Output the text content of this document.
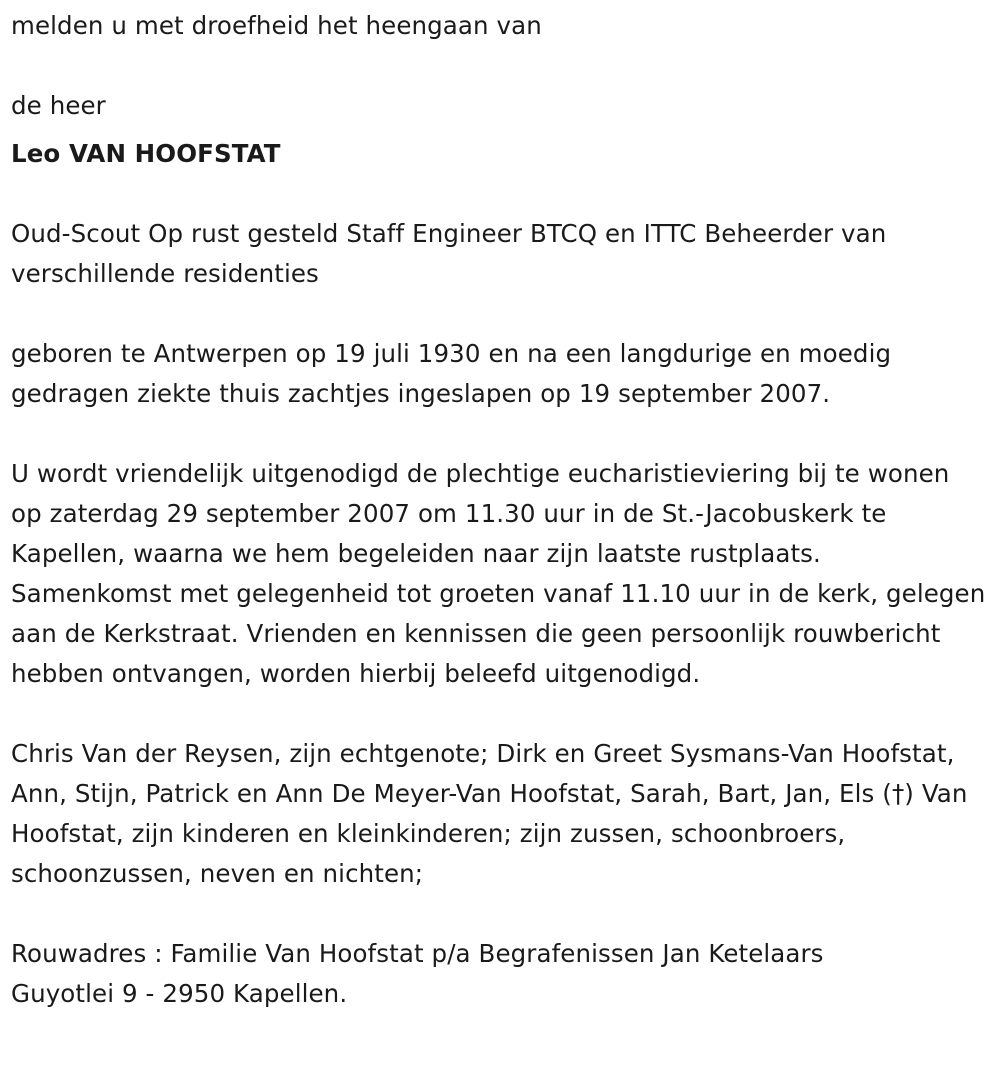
melden u met droefheid het heengaan van

de heer

Leo VAN HOOFSTAT

Oud-Scout Op rust gesteld Staff Engineer BTCQ en ITTC Beheerder van verschillende residenties

geboren te Antwerpen op 19 juli 1930 en na een langdurige en moedig gedragen ziekte thuis zachtjes ingeslapen op 19 september 2007.

U wordt vriendelijk uitgenodigd de plechtige eucharistieviering bij te wonen op zaterdag 29 september 2007 om 11.30 uur in de St.-Jacobuskerk te Kapellen, waarna we hem begeleiden naar zijn laatste rustplaats. Samenkomst met gelegenheid tot groeten vanaf 11.10 uur in de kerk, gelegen aan de Kerkstraat. Vrienden en kennissen die geen persoonlijk rouwbericht hebben ontvangen, worden hierbij beleefd uitgenodigd.

Chris Van der Reysen, zijn echtgenote; Dirk en Greet Sysmans-Van Hoofstat, Ann, Stijn, Patrick en Ann De Meyer-Van Hoofstat, Sarah, Bart, Jan, Els (†) Van Hoofstat, zijn kinderen en kleinkinderen; zijn zussen, schoonbroers, schoonzussen, neven en nichten;

Rouwadres : Familie Van Hoofstat p/a Begrafenissen Jan Ketelaars

Guyotlei 9 - 2950 Kapellen.
